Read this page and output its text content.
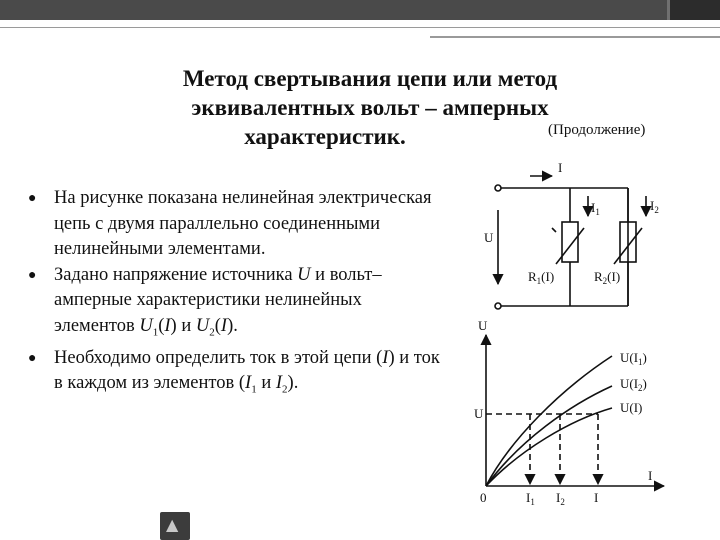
Метод свертывания цепи или метод
эквивалентных вольт – амперных
характеристик.	(Продолжение)
● На рисунке показана нелинейная электрическая цепь с двумя параллельно соединенными нелинейными элементами.
● Задано напряжение источника U и вольт–амперные характеристики нелинейных элементов $U_1(I)$ и $U_2(I)$.
● Необходимо определить ток в этой цепи (I) и ток в каждом из элементов ($I_1$ и $I_2$).
I
U
$I_1$	$I_2$
$R_1(I)$	$R_2(I)$
U
I
0
U
$U(I_1)$
$U(I_2)$
U(I)
$I_1$ $I_2$ I
▲
